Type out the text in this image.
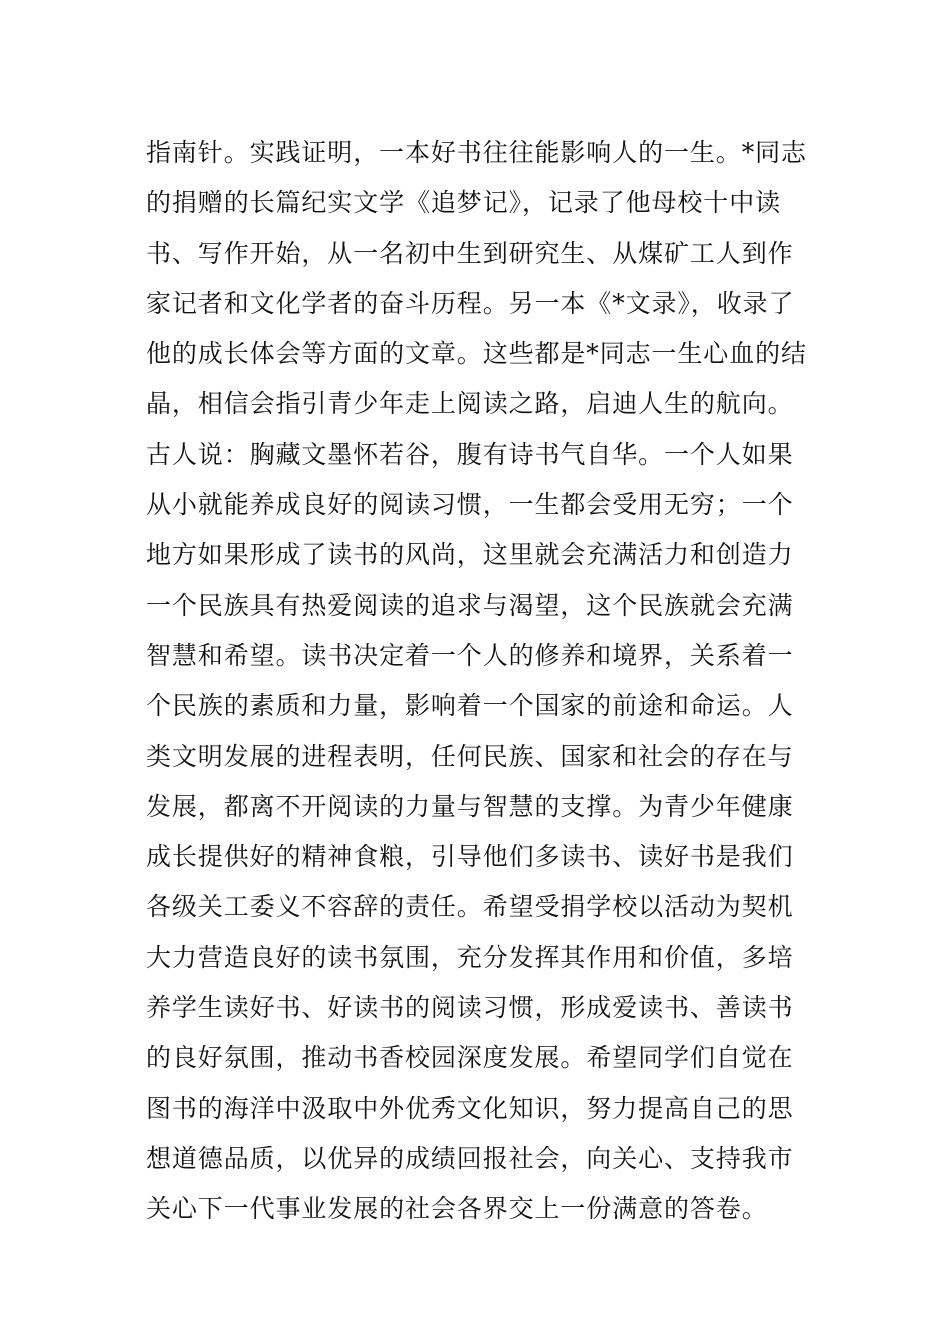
指南针。实践证明，一本好书往往能影响人的一生。*同志
的捐赠的长篇纪实文学《追梦记》，记录了他母校十中读
书、写作开始，从一名初中生到研究生、从煤矿工人到作
家记者和文化学者的奋斗历程。另一本《*文录》，收录了
他的成长体会等方面的文章。这些都是*同志一生心血的结
晶，相信会指引青少年走上阅读之路，启迪人生的航向。
古人说：胸藏文墨怀若谷，腹有诗书气自华。一个人如果
从小就能养成良好的阅读习惯，一生都会受用无穷；一个
地方如果形成了读书的风尚，这里就会充满活力和创造力
一个民族具有热爱阅读的追求与渴望，这个民族就会充满
智慧和希望。读书决定着一个人的修养和境界，关系着一
个民族的素质和力量，影响着一个国家的前途和命运。人
类文明发展的进程表明，任何民族、国家和社会的存在与
发展，都离不开阅读的力量与智慧的支撑。为青少年健康
成长提供好的精神食粮，引导他们多读书、读好书是我们
各级关工委义不容辞的责任。希望受捐学校以活动为契机
大力营造良好的读书氛围，充分发挥其作用和价值，多培
养学生读好书、好读书的阅读习惯，形成爱读书、善读书
的良好氛围，推动书香校园深度发展。希望同学们自觉在
图书的海洋中汲取中外优秀文化知识，努力提高自己的思
想道德品质，以优异的成绩回报社会，向关心、支持我市
关心下一代事业发展的社会各界交上一份满意的答卷。
